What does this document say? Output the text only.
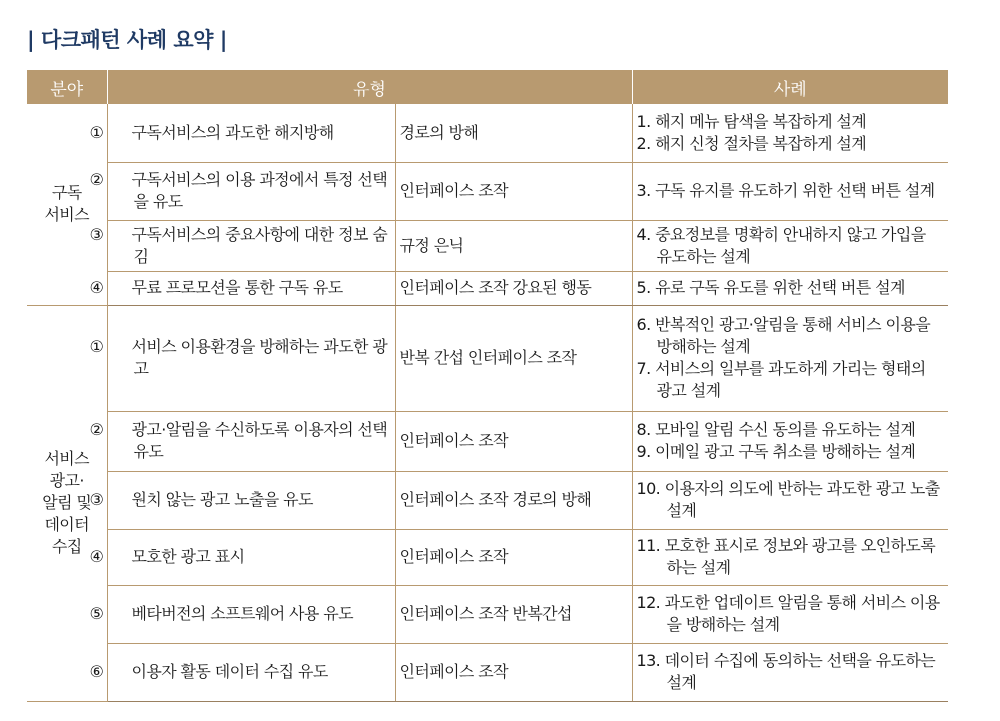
| 다크패턴 사례 요약 |
분야	유형		사례
구독
서비스	① 구독서비스의 과도한 해지방해	경로의 방해	1. 해지 메뉴 탐색을 복잡하게 설계
2. 해지 신청 절차를 복잡하게 설계

	② 구독서비스의 이용 과정에서 특정 선택을 유도	인터페이스 조작	3. 구독 유지를 유도하기 위한 선택 버튼 설계

	③ 구독서비스의 중요사항에 대한 정보 숨김	규정 은닉	4. 중요정보를 명확히 안내하지 않고 가입을 유도하는 설계

	④ 무료 프로모션을 통한 구독 유도	인터페이스 조작 강요된 행동	5. 유로 구독 유도를 위한 선택 버튼 설계

서비스
광고·
알림 및
데이터
수집	① 서비스 이용환경을 방해하는 과도한 광고	반복 간섭 인터페이스 조작	6. 반복적인 광고·알림을 통해 서비스 이용을 방해하는 설계
7. 서비스의 일부를 과도하게 가리는 형태의 광고 설계

	② 광고·알림을 수신하도록 이용자의 선택 유도	인터페이스 조작	8. 모바일 알림 수신 동의를 유도하는 설계
9. 이메일 광고 구독 취소를 방해하는 설계

	③ 원치 않는 광고 노출을 유도	인터페이스 조작 경로의 방해	10. 이용자의 의도에 반하는 과도한 광고 노출 설계

	④ 모호한 광고 표시	인터페이스 조작	11. 모호한 표시로 정보와 광고를 오인하도록 하는 설계

	⑤ 베타버전의 소프트웨어 사용 유도	인터페이스 조작 반복간섭	12. 과도한 업데이트 알림을 통해 서비스 이용을 방해하는 설계

	⑥ 이용자 활동 데이터 수집 유도	인터페이스 조작	13. 데이터 수집에 동의하는 선택을 유도하는 설계
